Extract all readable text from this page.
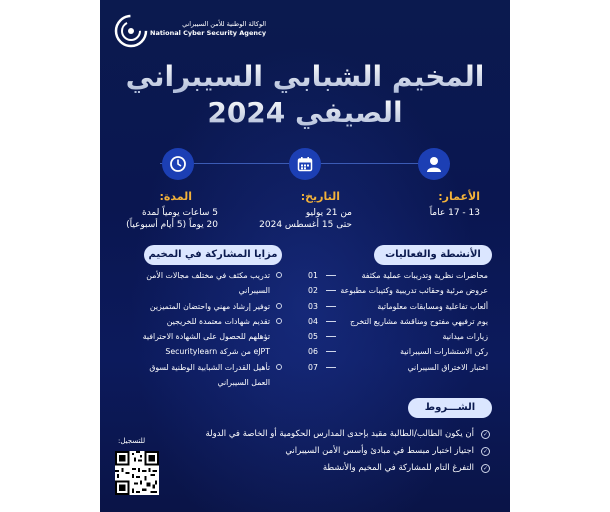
الوكالة الوطنية للأمن السيبراني
National Cyber Security Agency
المخيم الشبابي السيبراني
الصيفي 2024
الأعمار:
13 - 17 عاماً
التاريخ:
من 21 يوليو
حتى 15 أغسطس 2024
المدة:
5 ساعات يومياً لمدة
20 يوماً (5 أيام أسبوعياً)
الأنشطة والفعاليات
محاضرات نظرية وتدريبات عملية مكثفة
01
عروض مرئية وحقائب تدريبية وكتيبات مطبوعة
02
ألعاب تفاعلية ومسابقات معلوماتية
03
يوم ترفيهي مفتوح ومناقشة مشاريع التخرج
04
زيارات ميدانية
05
ركن الاستشارات السيبرانية
06
اختبار الاختراق السيبراني
07
مزايا المشاركة في المخيم
تدريب مكثف في مختلف مجالات الأمن
السيبراني
توفير إرشاد مهني واحتضان المتميزين
تقديم شهادات معتمدة للخريجين
تؤهلهم للحصول على الشهادة الاحترافية
eJPT من شركة Securitylearn
تأهيل القدرات الشبابية الوطنية لسوق
العمل السيبراني
الشـــروط
✓
أن يكون الطالب/الطالبة مقيد بإحدى المدارس الحكومية أو الخاصة في الدولة
✓
اجتياز اختبار مبسط في مبادئ وأسس الأمن السيبراني
✓
التفرغ التام للمشاركة في المخيم والأنشطة
للتسجيل:
